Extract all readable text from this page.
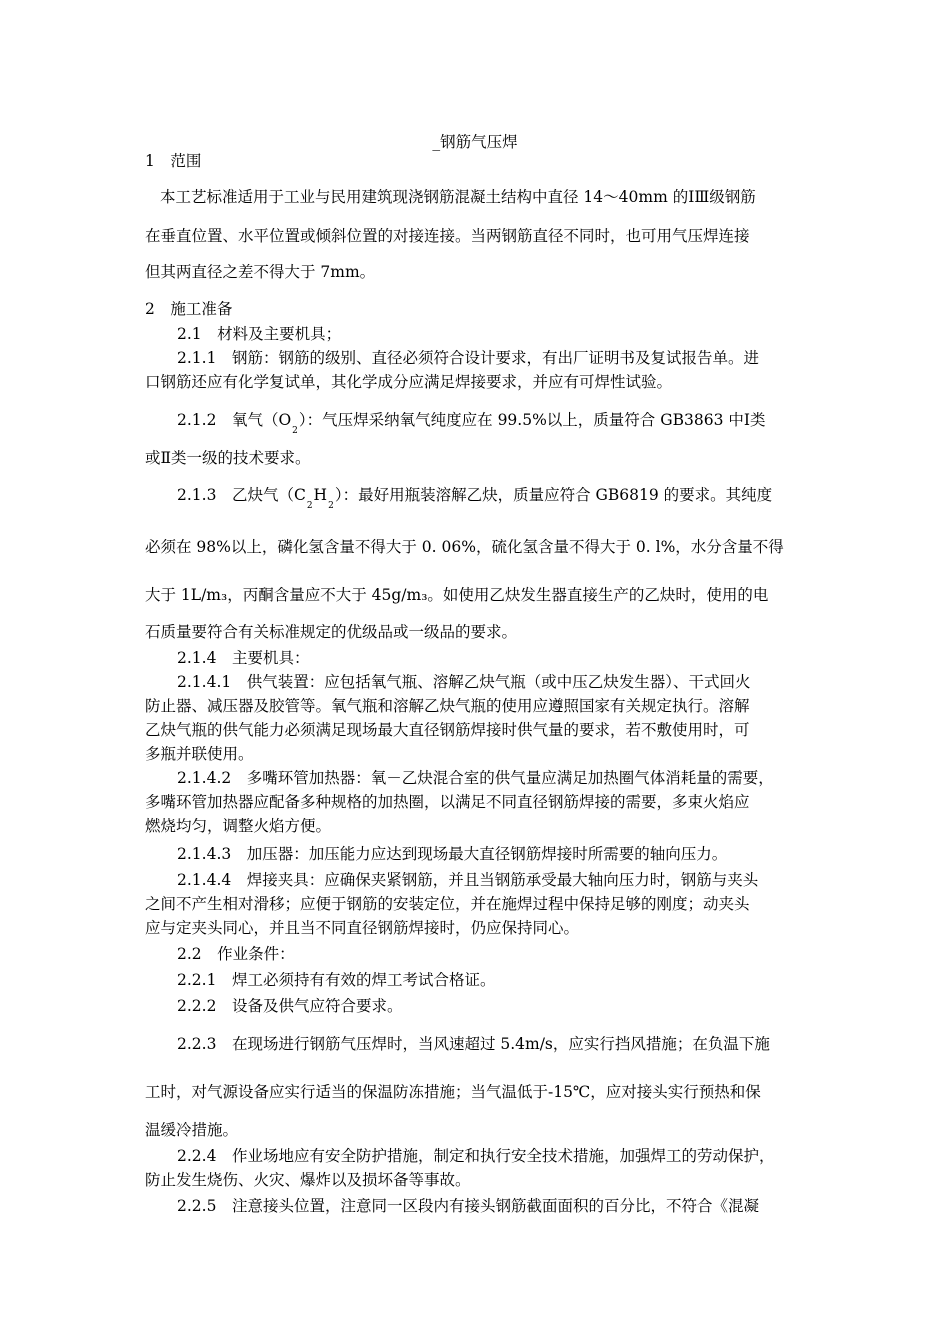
_钢筋气压焊
1　范围
本工艺标准适用于工业与民用建筑现浇钢筋混凝土结构中直径 14～40mm 的ⅠⅢ级钢筋
在垂直位置、水平位置或倾斜位置的对接连接。当两钢筋直径不同时，也可用气压焊连接
但其两直径之差不得大于 7mm。
2　施工准备
2.1　材料及主要机具；
2.1.1　钢筋：钢筋的级别、直径必须符合设计要求，有出厂证明书及复试报告单。进
口钢筋还应有化学复试单，其化学成分应满足焊接要求，并应有可焊性试验。
或Ⅱ类一级的技术要求。
必须在 98%以上，磷化氢含量不得大于 0. 06%，硫化氢含量不得大于 0. l%，水分含量不得
大于 1L/m₃，丙酮含量应不大于 45g/m₃。如使用乙炔发生器直接生产的乙炔时，使用的电
石质量要符合有关标准规定的优级品或一级品的要求。
2.1.4　主要机具：
2.1.4.1　供气装置：应包括氧气瓶、溶解乙炔气瓶（或中压乙炔发生器）、干式回火
防止器、减压器及胶管等。氧气瓶和溶解乙炔气瓶的使用应遵照国家有关规定执行。溶解
乙炔气瓶的供气能力必须满足现场最大直径钢筋焊接时供气量的要求，若不敷使用时，可
多瓶并联使用。
2.1.4.2　多嘴环管加热器：氧－乙炔混合室的供气量应满足加热圈气体消耗量的需要，
多嘴环管加热器应配备多种规格的加热圈，以满足不同直径钢筋焊接的需要，多束火焰应
燃烧均匀，调整火焰方便。
2.1.4.3　加压器：加压能力应达到现场最大直径钢筋焊接时所需要的轴向压力。
2.1.4.4　焊接夹具：应确保夹紧钢筋，并且当钢筋承受最大轴向压力时，钢筋与夹头
之间不产生相对滑移；应便于钢筋的安装定位，并在施焊过程中保持足够的刚度；动夹头
应与定夹头同心，并且当不同直径钢筋焊接时，仍应保持同心。
2.2　作业条件：
2.2.1　焊工必须持有有效的焊工考试合格证。
2.2.2　设备及供气应符合要求。
2.2.3　在现场进行钢筋气压焊时，当风速超过 5.4m/s，应实行挡风措施；在负温下施
工时，对气源设备应实行适当的保温防冻措施；当气温低于-15℃，应对接头实行预热和保
温缓冷措施。
2.2.4　作业场地应有安全防护措施，制定和执行安全技术措施，加强焊工的劳动保护，
防止发生烧伤、火灾、爆炸以及损坏备等事故。
2.2.5　注意接头位置，注意同一区段内有接头钢筋截面面积的百分比，不符合《混凝
2.1.2　氧气$(O_2)$：气压焊采纳氧气纯度应在 99.5%以上，质量符合 GB3863 中Ⅰ类
2.1.3　乙炔气$(C_2H_2)$：最好用瓶装溶解乙炔，质量应符合 GB6819 的要求。其纯度
